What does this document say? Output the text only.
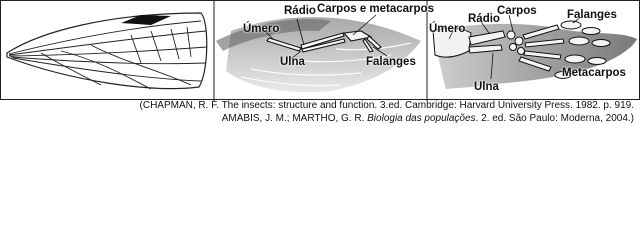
Rádio Carpos e metacarpos
Úmero
Ulna	Falanges
Rádio
Carpos	Falanges
Úmero
Metacarpos
Ulna
(CHAPMAN, R. F. The insects: structure and function. 3.ed. Cambridge: Harvard University Press. 1982. p. 919.
AMABIS, J. M.; MARTHO, G. R. Biologia das populações. 2. ed. São Paulo: Moderna, 2004.)
